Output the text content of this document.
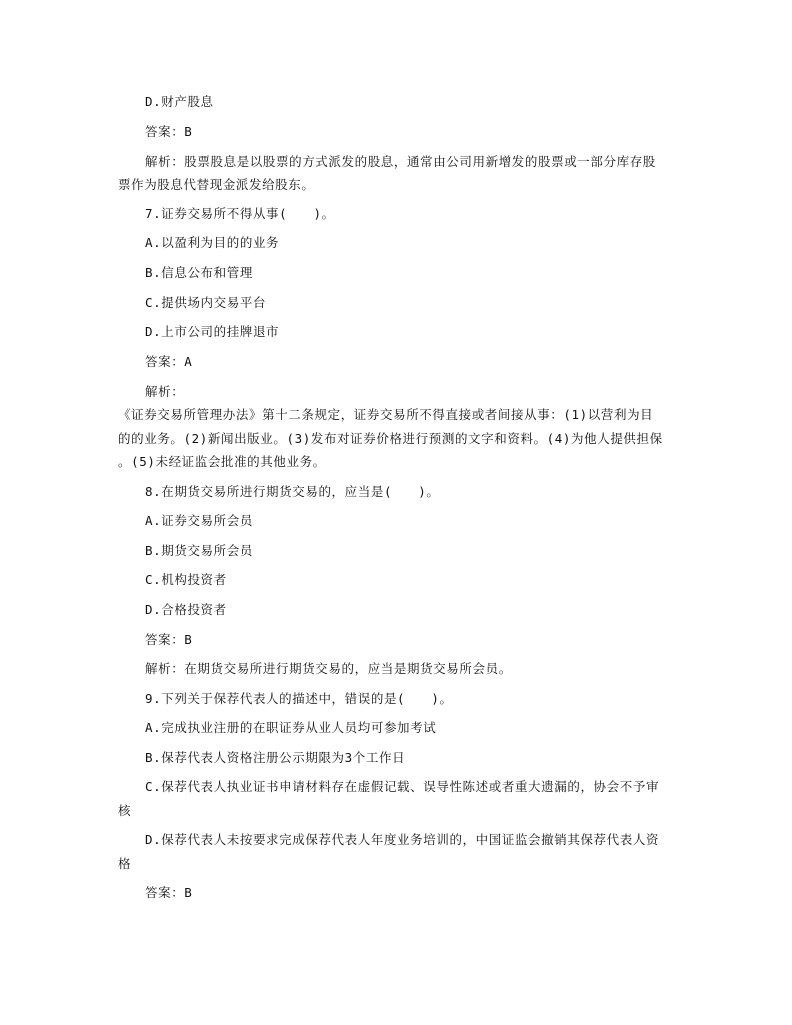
D.财产股息
答案：B
解析：股票股息是以股票的方式派发的股息，通常由公司用新增发的股票或一部分库存股
票作为股息代替现金派发给股东。
7.证券交易所不得从事(　　)。
A.以盈利为目的的业务
B.信息公布和管理
C.提供场内交易平台
D.上市公司的挂牌退市
答案：A
解析：
《证券交易所管理办法》第十二条规定，证券交易所不得直接或者间接从事：(1)以营利为目
的的业务。(2)新闻出版业。(3)发布对证券价格进行预测的文字和资料。(4)为他人提供担保
。(5)未经证监会批准的其他业务。
8.在期货交易所进行期货交易的，应当是(　　)。
A.证券交易所会员
B.期货交易所会员
C.机构投资者
D.合格投资者
答案：B
解析：在期货交易所进行期货交易的，应当是期货交易所会员。
9.下列关于保荐代表人的描述中，错误的是(　　)。
A.完成执业注册的在职证券从业人员均可参加考试
B.保荐代表人资格注册公示期限为3个工作日
C.保荐代表人执业证书申请材料存在虚假记载、误导性陈述或者重大遗漏的，协会不予审
核
D.保荐代表人未按要求完成保荐代表人年度业务培训的，中国证监会撤销其保荐代表人资
格
答案：B
